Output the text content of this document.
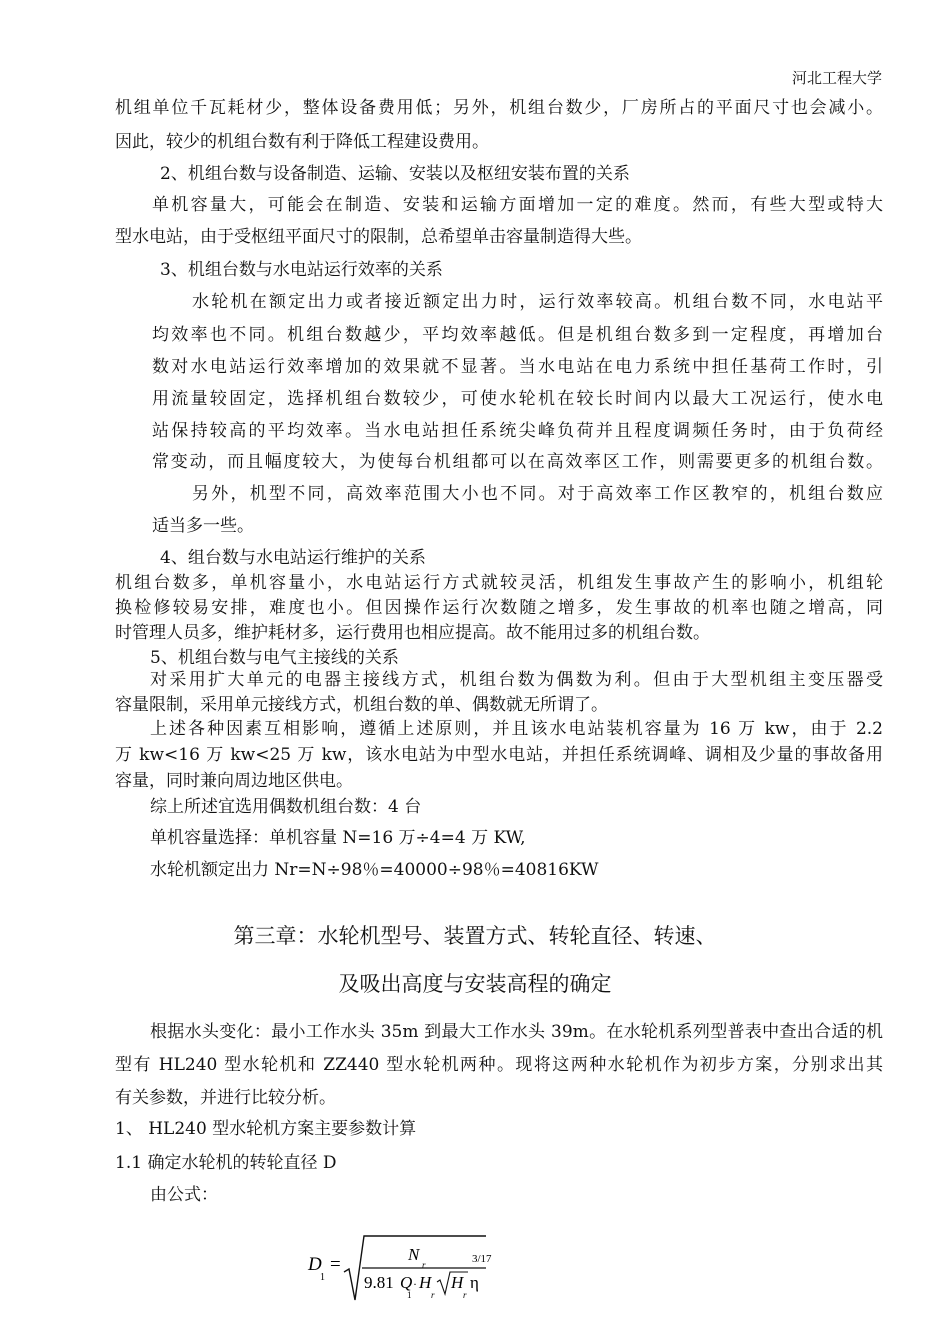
河北工程大学
机组单位千瓦耗材少，整体设备费用低；另外，机组台数少，厂房所占的平面尺寸也会减小。
因此，较少的机组台数有利于降低工程建设费用。
2、机组台数与设备制造、运输、安装以及枢纽安装布置的关系
单机容量大，可能会在制造、安装和运输方面增加一定的难度。然而，有些大型或特大
型水电站，由于受枢纽平面尺寸的限制，总希望单击容量制造得大些。
3、机组台数与水电站运行效率的关系
水轮机在额定出力或者接近额定出力时，运行效率较高。机组台数不同，水电站平
均效率也不同。机组台数越少，平均效率越低。但是机组台数多到一定程度，再增加台
数对水电站运行效率增加的效果就不显著。当水电站在电力系统中担任基荷工作时，引
用流量较固定，选择机组台数较少，可使水轮机在较长时间内以最大工况运行，使水电
站保持较高的平均效率。当水电站担任系统尖峰负荷并且程度调频任务时，由于负荷经
常变动，而且幅度较大，为使每台机组都可以在高效率区工作，则需要更多的机组台数。
另外，机型不同，高效率范围大小也不同。对于高效率工作区教窄的，机组台数应
适当多一些。
4、组台数与水电站运行维护的关系
机组台数多，单机容量小，水电站运行方式就较灵活，机组发生事故产生的影响小，机组轮
换检修较易安排，难度也小。但因操作运行次数随之增多，发生事故的机率也随之增高，同
时管理人员多，维护耗材多，运行费用也相应提高。故不能用过多的机组台数。
5、机组台数与电气主接线的关系
对采用扩大单元的电器主接线方式，机组台数为偶数为利。但由于大型机组主变压器受
容量限制，采用单元接线方式，机组台数的单、偶数就无所谓了。
上述各种因素互相影响，遵循上述原则，并且该水电站装机容量为 16 万 kw，由于 2.2
万 kw<16 万 kw<25 万 kw，该水电站为中型水电站，并担任系统调峰、调相及少量的事故备用
容量，同时兼向周边地区供电。
综上所述宜选用偶数机组台数：4 台
单机容量选择：单机容量 N=16 万÷4=4 万 KW,
水轮机额定出力 Nr=N÷98％=40000÷98％=40816KW
第三章：水轮机型号、装置方式、转轮直径、转速、
及吸出高度与安装高程的确定
根据水头变化：最小工作水头 35m 到最大工作水头 39m。在水轮机系列型普表中查出合适的机
型有 HL240 型水轮机和 ZZ440 型水轮机两种。现将这两种水轮机作为初步方案，分别求出其
有关参数，并进行比较分析。
1、 HL240 型水轮机方案主要参数计算
1.1 确定水轮机的转轮直径 D
由公式：
D
1
=	N
r
9.81 Q
1
· H
r
H
r
η
3/17
